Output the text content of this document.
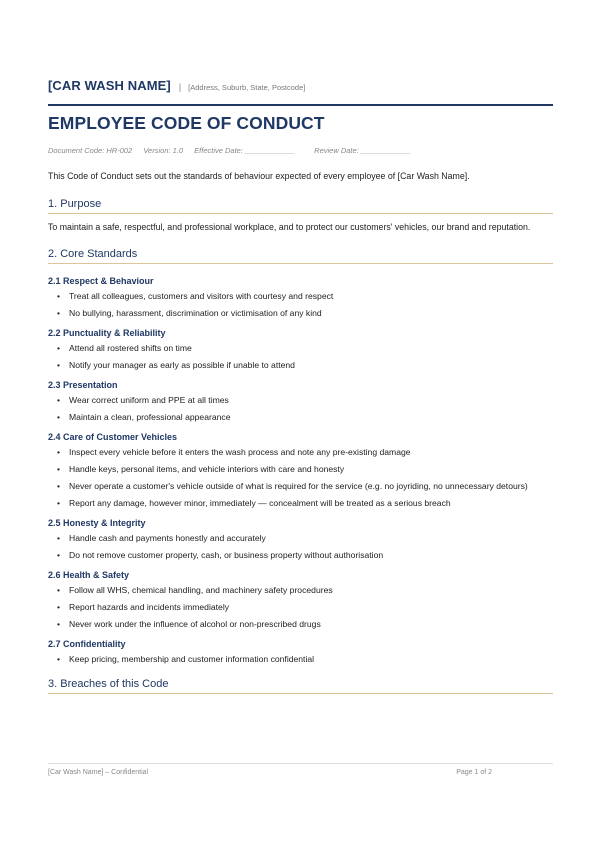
[CAR WASH NAME] | [Address, Suburb, State, Postcode]
EMPLOYEE CODE OF CONDUCT
Document Code: HR-002 Version: 1.0 Effective Date: ____________	Review Date: ____________
This Code of Conduct sets out the standards of behaviour expected of every employee of [Car Wash Name].
1. Purpose
To maintain a safe, respectful, and professional workplace, and to protect our customers' vehicles, our brand and reputation.
2. Core Standards
2.1 Respect & Behaviour
• Treat all colleagues, customers and visitors with courtesy and respect
• No bullying, harassment, discrimination or victimisation of any kind
2.2 Punctuality & Reliability
• Attend all rostered shifts on time
• Notify your manager as early as possible if unable to attend
2.3 Presentation
• Wear correct uniform and PPE at all times
• Maintain a clean, professional appearance
2.4 Care of Customer Vehicles
• Inspect every vehicle before it enters the wash process and note any pre-existing damage
• Handle keys, personal items, and vehicle interiors with care and honesty
• Never operate a customer's vehicle outside of what is required for the service (e.g. no joyriding, no unnecessary detours)
• Report any damage, however minor, immediately — concealment will be treated as a serious breach
2.5 Honesty & Integrity
• Handle cash and payments honestly and accurately
• Do not remove customer property, cash, or business property without authorisation
2.6 Health & Safety
• Follow all WHS, chemical handling, and machinery safety procedures
• Report hazards and incidents immediately
• Never work under the influence of alcohol or non-prescribed drugs
2.7 Confidentiality
• Keep pricing, membership and customer information confidential
3. Breaches of this Code
[Car Wash Name] – Confidential	Page 1 of 2
